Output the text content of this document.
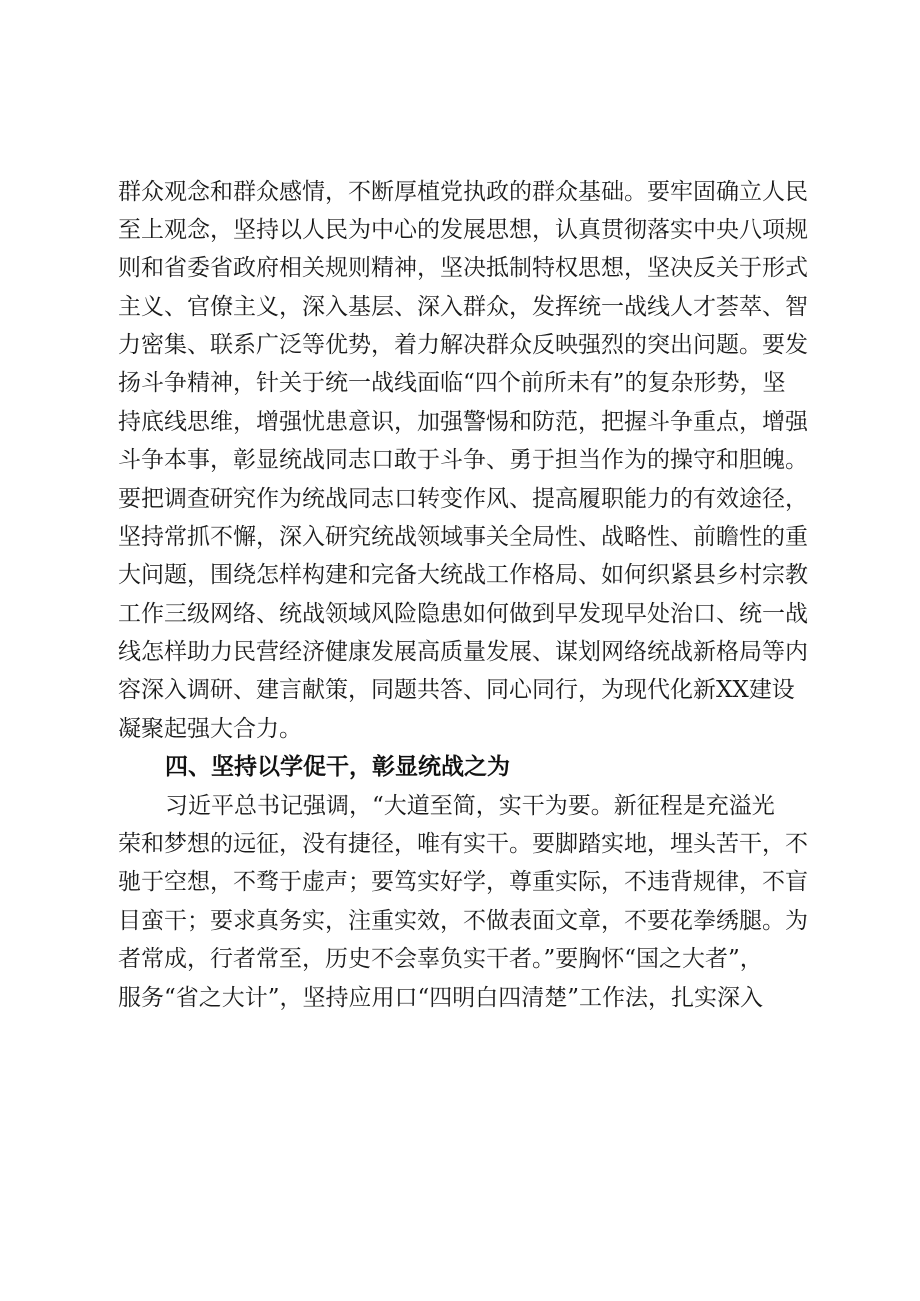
群众观念和群众感情，不断厚植党执政的群众基础。要牢固确立人民
至上观念，坚持以人民为中心的发展思想，认真贯彻落实中央八项规
则和省委省政府相关规则精神，坚决抵制特权思想，坚决反关于形式
主义、官僚主义，深入基层、深入群众，发挥统一战线人才荟萃、智
力密集、联系广泛等优势，着力解决群众反映强烈的突出问题。要发
扬斗争精神，针关于统一战线面临“四个前所未有”的复杂形势，坚
持底线思维，增强忧患意识，加强警惕和防范，把握斗争重点，增强
斗争本事，彰显统战同志口敢于斗争、勇于担当作为的操守和胆魄。
要把调查研究作为统战同志口转变作风、提高履职能力的有效途径，
坚持常抓不懈，深入研究统战领域事关全局性、战略性、前瞻性的重
大问题，围绕怎样构建和完备大统战工作格局、如何织紧县乡村宗教
工作三级网络、统战领域风险隐患如何做到早发现早处治口、统一战
线怎样助力民营经济健康发展高质量发展、谋划网络统战新格局等内
容深入调研、建言献策，同题共答、同心同行，为现代化新XX建设
凝聚起强大合力。
四、坚持以学促干，彰显统战之为
习近平总书记强调，“大道至简，实干为要。新征程是充溢光
荣和梦想的远征，没有捷径，唯有实干。要脚踏实地，埋头苦干，不
驰于空想，不骛于虚声；要笃实好学，尊重实际，不违背规律，不盲
目蛮干；要求真务实，注重实效，不做表面文章，不要花拳绣腿。为
者常成，行者常至，历史不会辜负实干者。”要胸怀“国之大者”，
服务“省之大计”，坚持应用口“四明白四清楚”工作法，扎实深入
